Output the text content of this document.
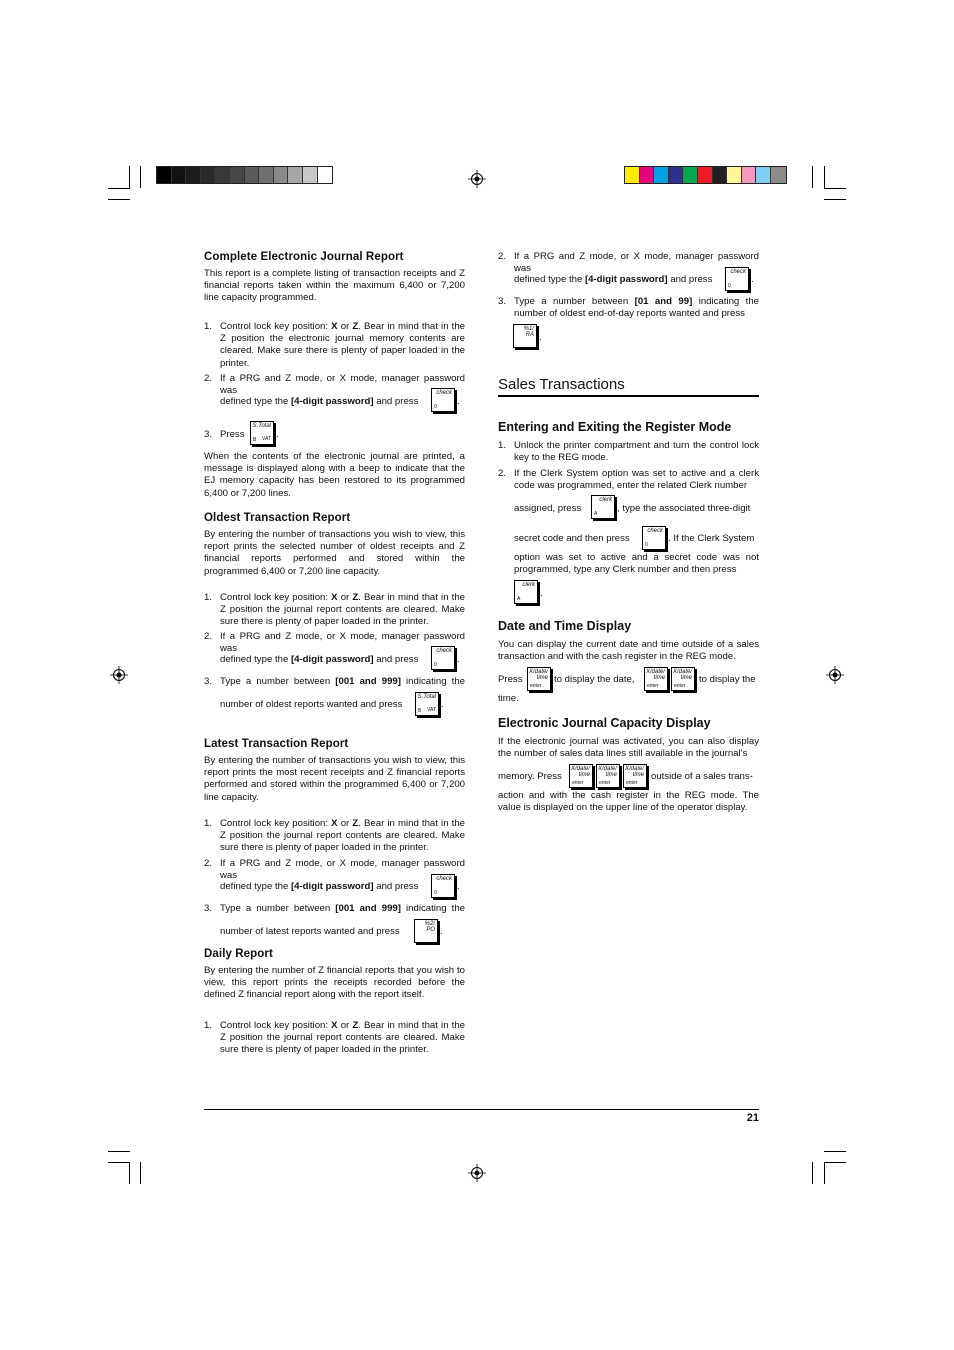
Complete Electronic Journal Report
This report is a complete listing of transaction receipts and Z financial reports taken within the maximum 6,400 or 7,200 line capacity programmed.
1. Control lock key position: X or Z. Bear in mind that in the Z position the electronic journal memory contents are cleared. Make sure there is plenty of paper loaded in the printer.
2. If a PRG and Z mode, or X mode, manager password was
defined type the [4-digit password] and press
check
0 .
3. Press
S.Total
B VAT .
When the contents of the electronic journal are printed, a message is displayed along with a beep to indicate that the EJ memory capacity has been restored to its programmed 6,400 or 7,200 lines.
Oldest Transaction Report
By entering the number of transactions you wish to view, this report prints the selected number of oldest receipts and Z financial reports performed and stored within the programmed 6,400 or 7,200 line capacity.
1. Control lock key position: X or Z. Bear in mind that in the Z position the journal report contents are cleared. Make sure there is plenty of paper loaded in the printer.
2. If a PRG and Z mode, or X mode, manager password was
defined type the [4-digit password] and press
check
0 .
3. Type a number between [001 and 999] indicating the
number of oldest reports wanted and press
S.Total
B VAT .
Latest Transaction Report
By entering the number of transactions you wish to view, this report prints the most recent receipts and Z financial reports performed and stored within the programmed 6,400 or 7,200 line capacity.
1. Control lock key position: X or Z. Bear in mind that in the Z position the journal report contents are cleared. Make sure there is plenty of paper loaded in the printer.
2. If a PRG and Z mode, or X mode, manager password was
defined type the [4-digit password] and press
check
0
.
3. Type a number between [001 and 999] indicating the
number of latest reports wanted and press
%2/
PO .
Daily Report
By entering the number of Z financial reports that you wish to view, this report prints the receipts recorded before the defined Z financial report along with the report itself.
1. Control lock key position: X or Z. Bear in mind that in the Z position the journal report contents are cleared. Make sure there is plenty of paper loaded in the printer.
2. If a PRG and Z mode, or X mode, manager password was
defined type the [4-digit password] and press
check
0
.
3. Type a number between [01 and 99] indicating the
number of oldest end-of-day reports wanted and press
%1/
RA .
Sales Transactions
Entering and Exiting the Register Mode
1. Unlock the printer compartment and turn the control lock key to the REG mode.
2. If the Clerk System option was set to active and a clerk code was programmed, enter the related Clerk number
assigned, press
clerk
A , type the associated three-digit
secret code and then press
check
0
. If the Clerk System
option was set to active and a secret code was not programmed, type any Clerk number and then press
clerk
A .
Date and Time Display
You can display the current date and time outside of a sales transaction and with the cash register in the REG mode.
Press
X/date/
time
enter
to display the date,
X/date/
time
enter
X/date/
time
enter
to display the
time.
Electronic Journal Capacity Display
If the electronic journal was activated, you can also display the number of sales data lines still available in the journal's
memory. Press
X/date/
time
enter
X/date/
time
enter
X/date/
time
enter
outside of a sales trans-
action and with the cash register in the REG mode. The value is displayed on the upper line of the operator display.
21
